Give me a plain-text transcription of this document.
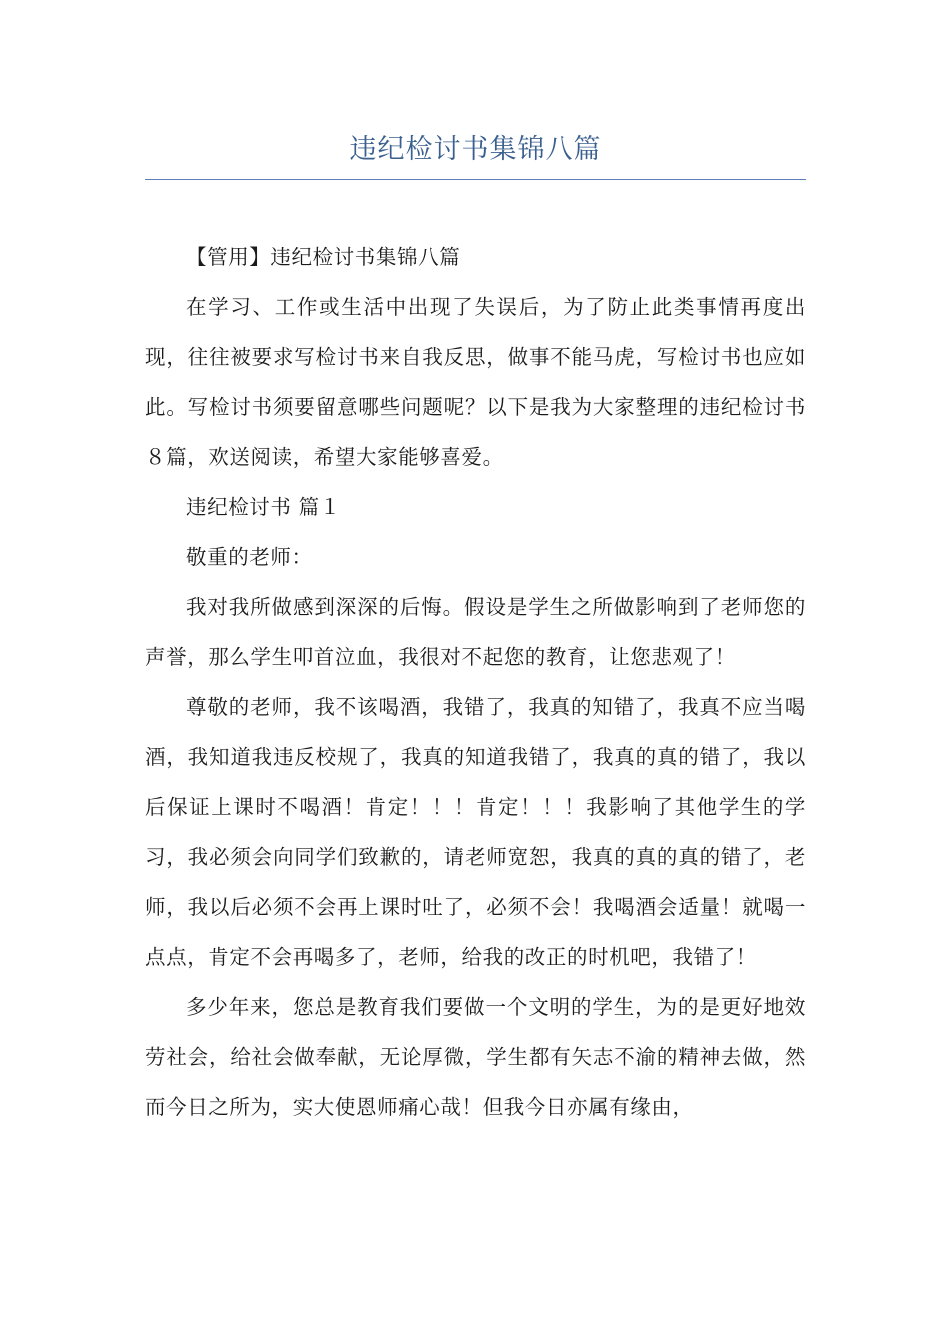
违纪检讨书集锦八篇

【管用】违纪检讨书集锦八篇

在学习、工作或生活中出现了失误后，为了防止此类事情再度出现，往往被要求写检讨书来自我反思，做事不能马虎，写检讨书也应如此。写检讨书须要留意哪些问题呢？以下是我为大家整理的违纪检讨书８篇，欢送阅读，希望大家能够喜爱。

违纪检讨书 篇１

敬重的老师：

我对我所做感到深深的后悔。假设是学生之所做影响到了老师您的声誉，那么学生叩首泣血，我很对不起您的教育，让您悲观了！

尊敬的老师，我不该喝酒，我错了，我真的知错了，我真不应当喝酒，我知道我违反校规了，我真的知道我错了，我真的真的错了，我以后保证上课时不喝酒！肯定！！！肯定！！！我影响了其他学生的学习，我必须会向同学们致歉的，请老师宽恕，我真的真的真的错了，老师，我以后必须不会再上课时吐了，必须不会！我喝酒会适量！就喝一点点，肯定不会再喝多了，老师，给我的改正的时机吧，我错了！

多少年来，您总是教育我们要做一个文明的学生，为的是更好地效劳社会，给社会做奉献，无论厚微，学生都有矢志不渝的精神去做，然而今日之所为，实大使恩师痛心哉！但我今日亦属有缘由，
